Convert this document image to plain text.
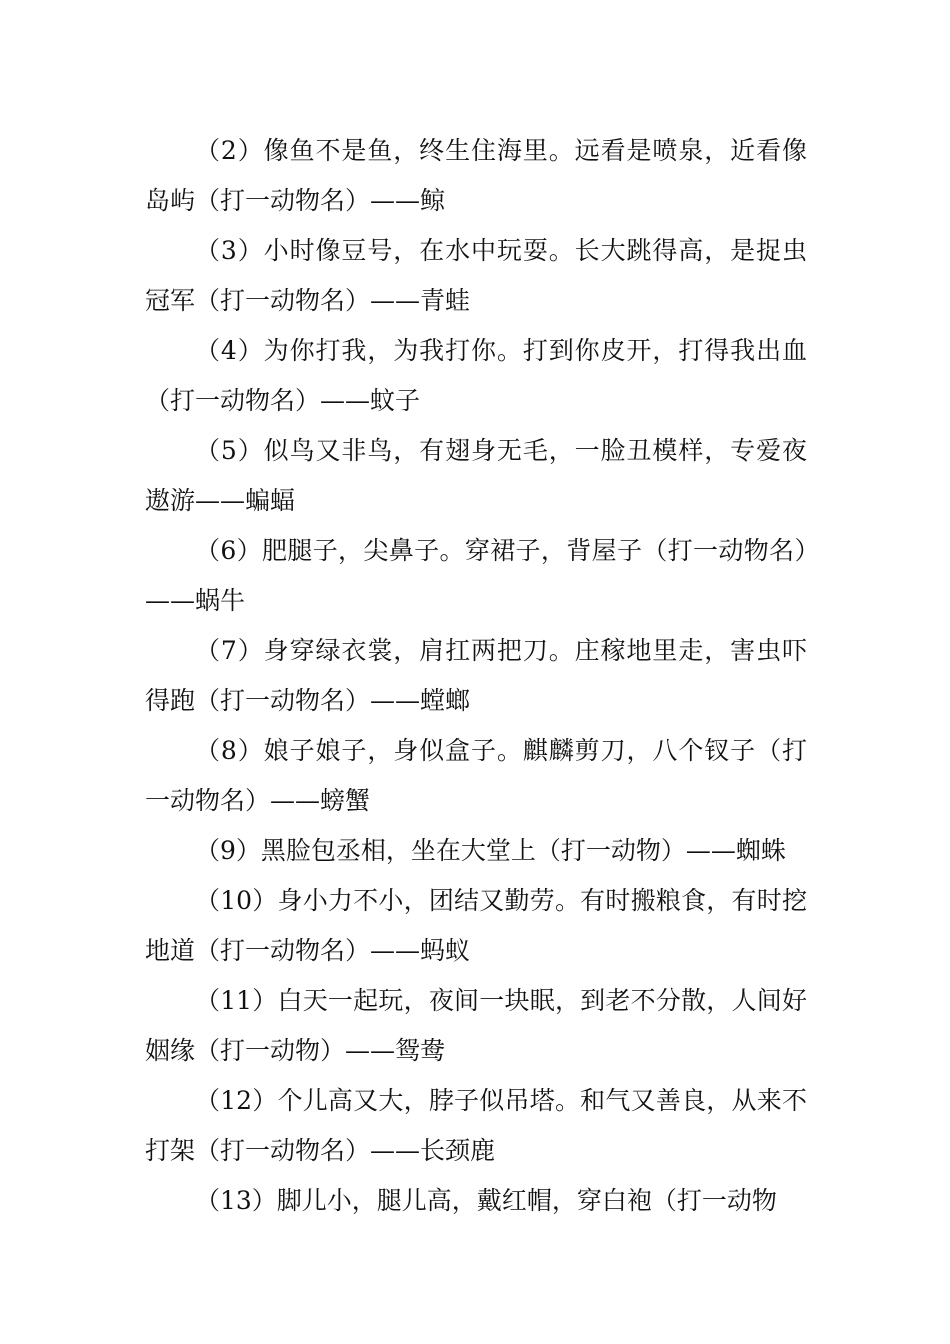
（2）像鱼不是鱼，终生住海里。远看是喷泉，近看像岛屿（打一动物名）——鲸

（3）小时像豆号，在水中玩耍。长大跳得高，是捉虫冠军（打一动物名）——青蛙

（4）为你打我，为我打你。打到你皮开，打得我出血（打一动物名）——蚊子

（5）似鸟又非鸟，有翅身无毛，一脸丑模样，专爱夜遨游——蝙蝠

（6）肥腿子，尖鼻子。穿裙子，背屋子（打一动物名）——蜗牛

（7）身穿绿衣裳，肩扛两把刀。庄稼地里走，害虫吓得跑（打一动物名）——螳螂

（8）娘子娘子，身似盒子。麒麟剪刀，八个钗子（打一动物名）——螃蟹

（9）黑脸包丞相，坐在大堂上（打一动物）——蜘蛛

（10）身小力不小，团结又勤劳。有时搬粮食，有时挖地道（打一动物名）——蚂蚁

（11）白天一起玩，夜间一块眠，到老不分散，人间好姻缘（打一动物）——鸳鸯

（12）个儿高又大，脖子似吊塔。和气又善良，从来不打架（打一动物名）——长颈鹿

（13）脚儿小，腿儿高，戴红帽，穿白袍（打一动物
